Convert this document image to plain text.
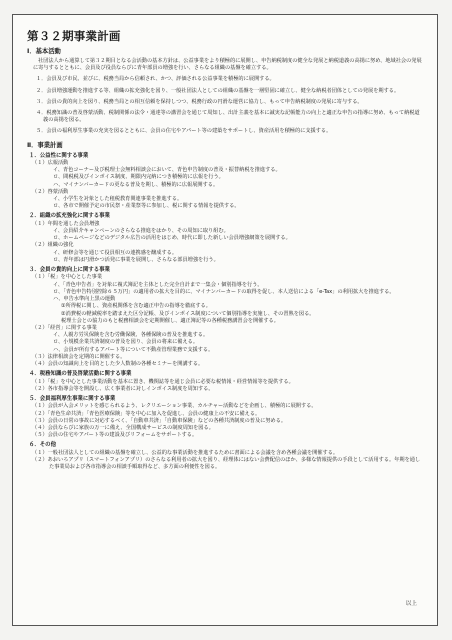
第３２期事業計画
Ⅰ．基本活動
社団法人から通算して第３２期目となる会活動の基本方針は、公益事業をより積極的に展開し、申告納税制度の健全な発展と納税道義の高揚に努め、地域社会の発展に寄与するとともに、会員及び役員ならびに青年部員の増強を行い、さらなる組織の基盤を確立する。
１．会員及び市民、並びに、税務当局から信頼され、かつ、評価される公益事業を積極的に展開する。
２．会員増強運動を推進する等、組織の拡充強化を図り、一般社団法人としての組織の基盤を一層堅固に確立し、健全な納税者団体としての発展を期する。
３．会員の貴的向上を図り、税務当局との相互信頼を保持しつつ、税務行政の円滑な運営に協力し、もって申告納税制度の発展に寄与する。
４．税務知識の普及啓蒙活動、税制関係の法令・通達等の講習会を通じて周知し、出計主義を基本に誠実な記帳能力の向上と適正な申告の指導に努め、もって納税道義の高揚を図る。
５．会員の福利厚生事業の充実を図るとともに、会員の住宅やアパート等の建築をサポートし、資産活用を積極的に支援する。
Ⅱ．事業計画
１．公益性に関する事業
（１）広報活動
イ、青色コーナー及び税理士会無料相談会において、青色申告制度の普及・振替納税を推進する。
ロ、間税税及びインボイス制度、期限内完納につき積極的に広報を行う。
ハ、マイナンバーカードの更なる普及を期し、積極的に広報展開する。
（２）啓蒙活動
イ、小学生を対象とした租税教育関連事業を推進する。
ロ、各市で開催予定の市民祭・産業祭等に参加し、税に関する情報を提供する。
２．組織の拡充強化に関する事業
（１）年間を通した会員増強
イ、会員紹介キャンペーンのさらなる推進をはかり、その周知に取り組む。
ロ、ホームページなどのデジタル広告の活用をはじめ、時代に即した新しい会員増強網策を展開する。
（２）組織の強化
イ、研修会等を通じて役員相互の連携感を醸成する。
ロ、青年部は円滑かつ活発に事業を展開し、さらなる部員増強を行う。
３．会員の貴的向上に関する事業
（１）「税」を中心とした事業
イ、「青色申告者」を対象に複式簿記を主体とした完全自計まで一集会・個別指導を行う。
ロ、「青色申告特別控除６５万円」の適用者の拡大を目的に、マイナンバーカードの取得を促し、本人送信による「e-Tax」の利用拡大を推進する。
ハ、申告水準向上黒の運動
①所得税に関し、資産税関係を含む適正申告の指導を徹底する。
②消費税の軽減税率を踏まえた区分記帳、及びインボイス制度について個別指導を実施し、その習熟を図る。
税理士会との協力のもと税務相談会を定期開催し、適正簿記等の各種税務講習会を開催する。
（２）「経営」に関する事業
イ、人親方労災保険を含む労働保険、各種保険の普及を推進する。
ロ、小規模企業共済制度の普及を図り、会員の将来に備える。
ハ、会員が所有するアパート等について不動産管理業務で支援する。
（３）法律相談会を定期的に開催する。
（４）会員の知識向上を目的とした少人数制の各種セミナーを開講する。
４．税務知識の普及啓蒙活動に関する事業
（１）「税」を中心とした事業活動を基本に置き、機関誌等を通じ会員に必要な税情報・経営情報等を提供する。
（２）各市指導会等を開設し、広く事業者に対しインボイス制度を周知する。
５．会員福利厚生事業に関する事業
（１）会員が入会メリットを感じられるよう、レクリエーション事業、カルチャー活動などを企画し、積極的に展開する。
（２）「青色生命共済」「青色医療保険」等を中心に加入を促進し、会員の健康上の不安に備える。
（３）会員の日常の事故に対応するべく、「自動車共済」「自動車保険」などの各種共済制度の普及に努める。
（４）会員ならびに家族の万一に備え、全国構成サービスの制度周知を図る。
（５）会員の住宅やアパート等の建設及びリフォームをサポートする。
６．その他
（１）一般社団法人としての組織の基盤を確立し、公益的な事業活動を推進するために書面による会議を含め各種会議を開催する。
（２）あおいろアプリ（スマートフォンアプリ）のさらなる利用者の拡大を図り、経理体にはない会費配信のほか、多様な情報提供の手段として活用する。年期を通した事業局および各市指導会の相談手順取得など、多方面の利便性を図る。
以上
